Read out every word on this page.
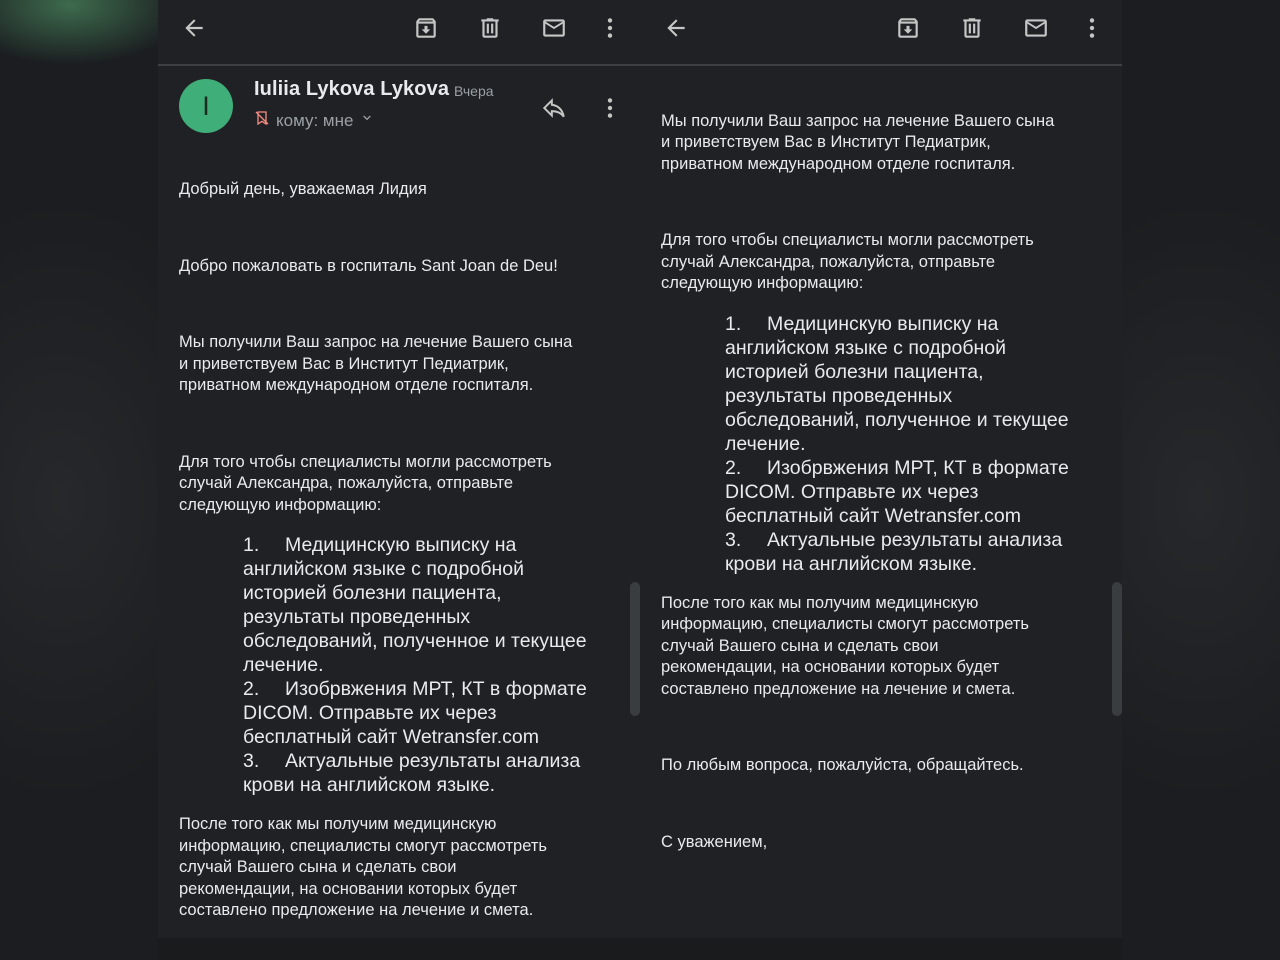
I
Iuliia Lykova Lykova Вчера
кому: мне

Добрый день, уважаемая Лидия

Добро пожаловать в госпиталь Sant Joan de Deu!

Мы получили Ваш запрос на лечение Вашего сына
и приветствуем Вас в Институт Педиатрик,
приватном международном отделе госпиталя.

Для того чтобы специалисты могли рассмотреть
случай Александра, пожалуйста, отправьте
следующую информацию:

1. Медицинскую выписку на
английском языке с подробной
историей болезни пациента,
результаты проведенных
обследований, полученное и текущее
лечение.
2. Изобрвжения МРТ, КТ в формате
DICOM. Отправьте их через
бесплатный сайт Wetransfer.com
3. Актуальные результаты анализа
крови на английском языке.

После того как мы получим медицинскую
информацию, специалисты смогут рассмотреть
случай Вашего сына и сделать свои
рекомендации, на основании которых будет
составлено предложение на лечение и смета.

Мы получили Ваш запрос на лечение Вашего сына
и приветствуем Вас в Институт Педиатрик,
приватном международном отделе госпиталя.

Для того чтобы специалисты могли рассмотреть
случай Александра, пожалуйста, отправьте
следующую информацию:

1. Медицинскую выписку на
английском языке с подробной
историей болезни пациента,
результаты проведенных
обследований, полученное и текущее
лечение.
2. Изобрвжения МРТ, КТ в формате
DICOM. Отправьте их через
бесплатный сайт Wetransfer.com
3. Актуальные результаты анализа
крови на английском языке.

После того как мы получим медицинскую
информацию, специалисты смогут рассмотреть
случай Вашего сына и сделать свои
рекомендации, на основании которых будет
составлено предложение на лечение и смета.

По любым вопроса, пожалуйста, обращайтесь.

С уважением,
